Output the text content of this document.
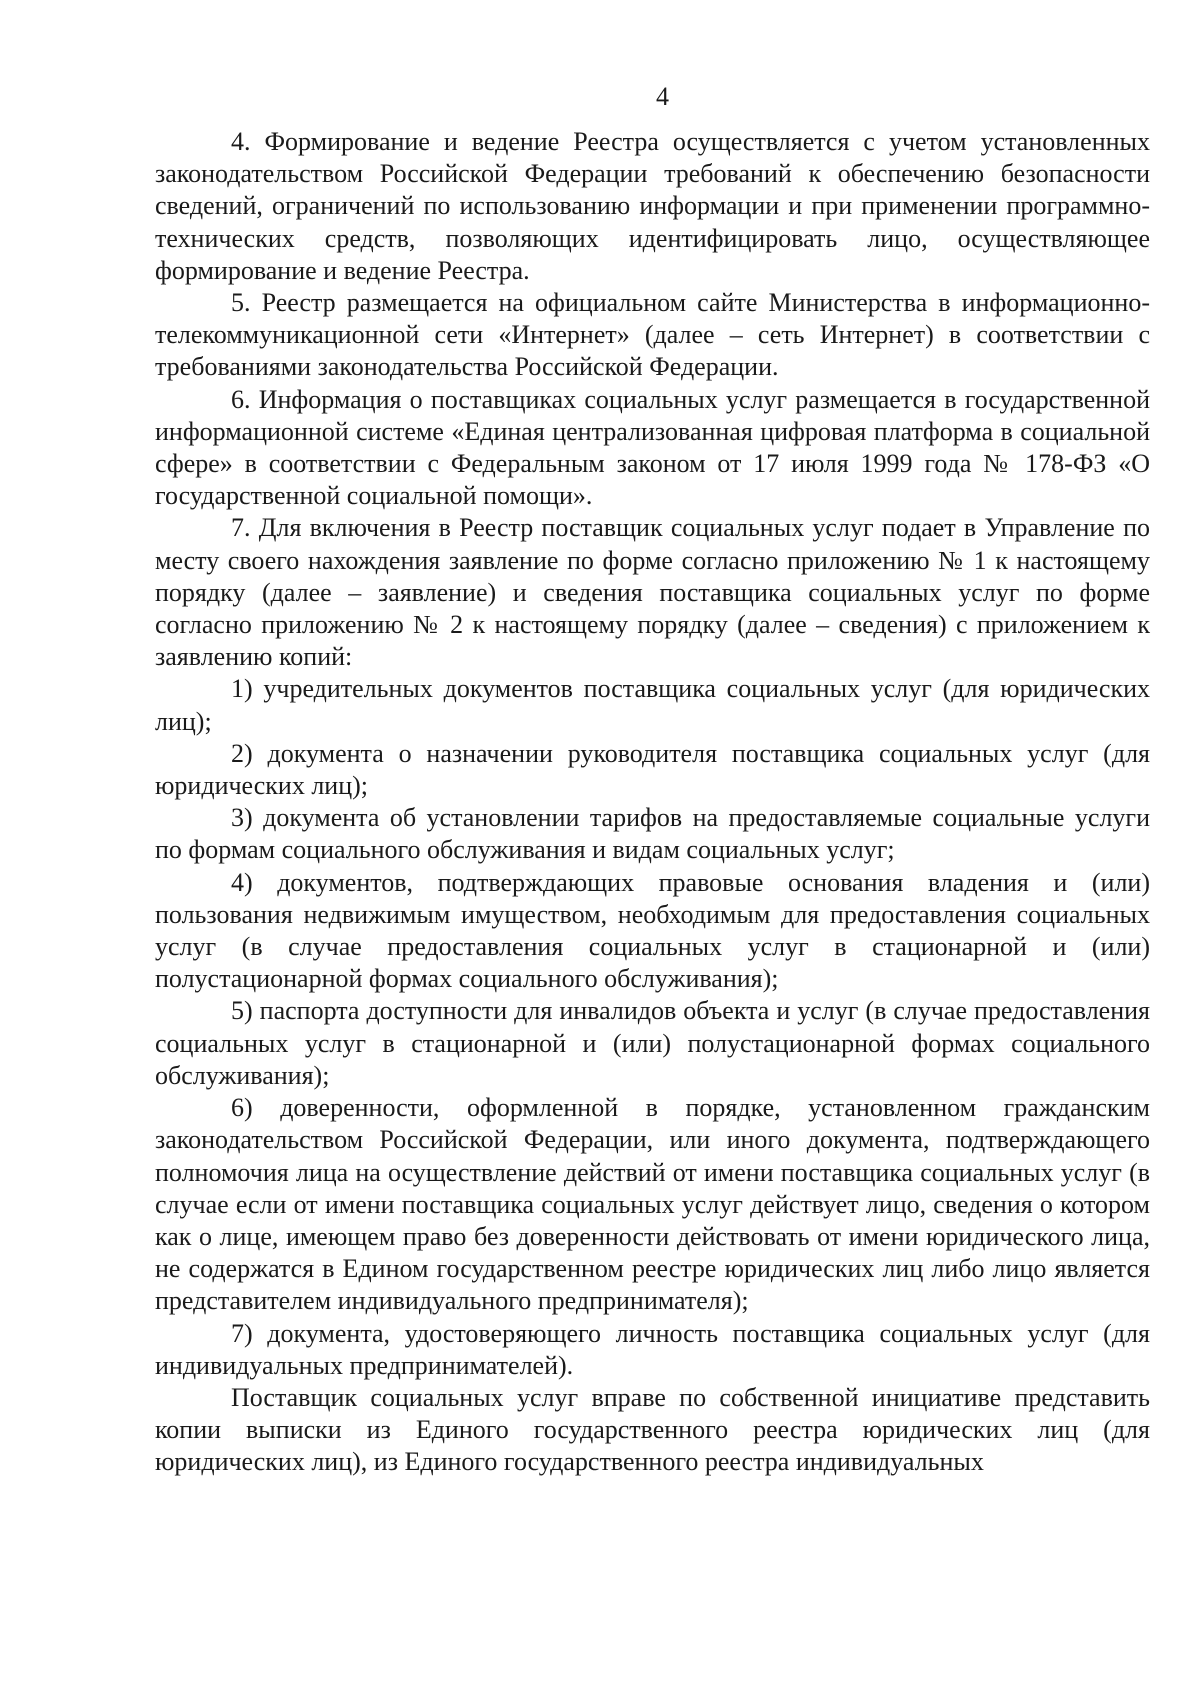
4

4. Формирование и ведение Реестра осуществляется с учетом установленных законодательством Российской Федерации требований к обеспечению безопасности сведений, ограничений по использованию информации и при применении программно-технических средств, позволяющих идентифицировать лицо, осуществляющее формирование и ведение Реестра.

5. Реестр размещается на официальном сайте Министерства в информационно-телекоммуникационной сети «Интернет» (далее – сеть Интернет) в соответствии с требованиями законодательства Российской Федерации.

6. Информация о поставщиках социальных услуг размещается в государственной информационной системе «Единая централизованная цифровая платформа в социальной сфере» в соответствии с Федеральным законом от 17 июля 1999 года № 178-ФЗ «О государственной социальной помощи».

7. Для включения в Реестр поставщик социальных услуг подает в Управление по месту своего нахождения заявление по форме согласно приложению № 1 к настоящему порядку (далее – заявление) и сведения поставщика социальных услуг по форме согласно приложению № 2 к настоящему порядку (далее – сведения) с приложением к заявлению копий:

1) учредительных документов поставщика социальных услуг (для юридических лиц);

2) документа о назначении руководителя поставщика социальных услуг (для юридических лиц);

3) документа об установлении тарифов на предоставляемые социальные услуги по формам социального обслуживания и видам социальных услуг;

4) документов, подтверждающих правовые основания владения и (или) пользования недвижимым имуществом, необходимым для предоставления социальных услуг (в случае предоставления социальных услуг в стационарной и (или) полустационарной формах социального обслуживания);

5) паспорта доступности для инвалидов объекта и услуг (в случае предоставления социальных услуг в стационарной и (или) полустационарной формах социального обслуживания);

6) доверенности, оформленной в порядке, установленном гражданским законодательством Российской Федерации, или иного документа, подтверждающего полномочия лица на осуществление действий от имени поставщика социальных услуг (в случае если от имени поставщика социальных услуг действует лицо, сведения о котором как о лице, имеющем право без доверенности действовать от имени юридического лица, не содержатся в Едином государственном реестре юридических лиц либо лицо является представителем индивидуального предпринимателя);

7) документа, удостоверяющего личность поставщика социальных услуг (для индивидуальных предпринимателей).

Поставщик социальных услуг вправе по собственной инициативе представить копии выписки из Единого государственного реестра юридических лиц (для юридических лиц), из Единого государственного реестра индивидуальных
